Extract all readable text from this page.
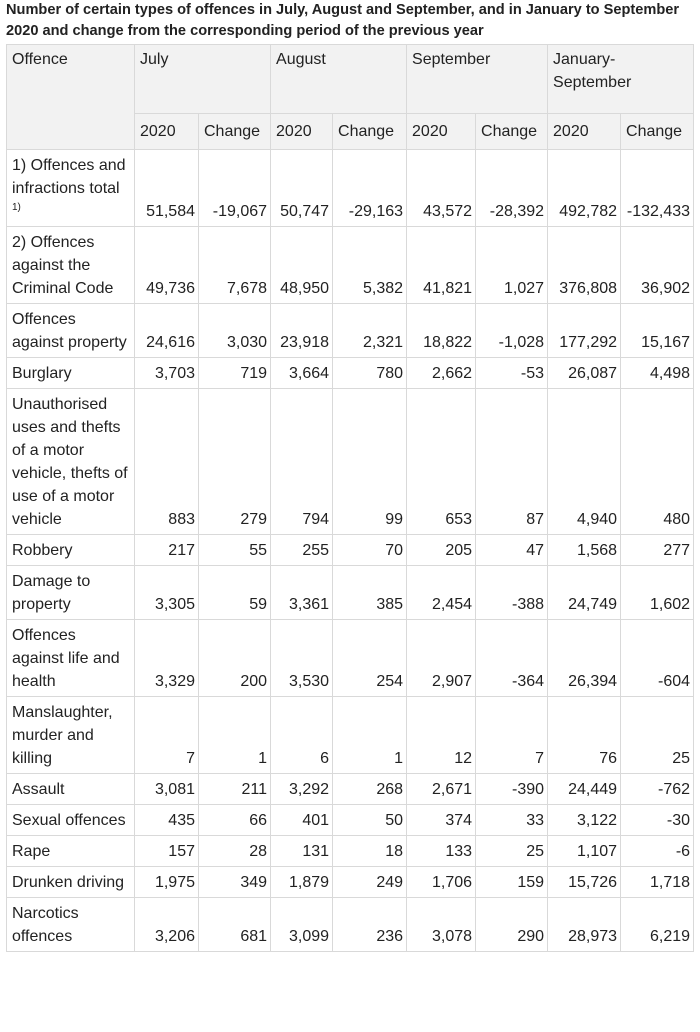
Number of certain types of offences in July, August and September, and in January to September 2020 and change from the corresponding period of the previous year

Offence	July		August		September		January-September	
	2020	Change	2020	Change	2020	Change	2020	Change
1) Offences and infractions total $^{1)}$	51,584	-19,067	50,747	-29,163	43,572	-28,392	492,782	-132,433
2) Offences against the Criminal Code	49,736	7,678	48,950	5,382	41,821	1,027	376,808	36,902
Offences against property	24,616	3,030	23,918	2,321	18,822	-1,028	177,292	15,167
Burglary	3,703	719	3,664	780	2,662	-53	26,087	4,498
Unauthorised uses and thefts of a motor vehicle, thefts of use of a motor vehicle	883	279	794	99	653	87	4,940	480
Robbery	217	55	255	70	205	47	1,568	277
Damage to property	3,305	59	3,361	385	2,454	-388	24,749	1,602
Offences against life and health	3,329	200	3,530	254	2,907	-364	26,394	-604
Manslaughter, murder and killing	7	1	6	1	12	7	76	25
Assault	3,081	211	3,292	268	2,671	-390	24,449	-762
Sexual offences	435	66	401	50	374	33	3,122	-30
Rape	157	28	131	18	133	25	1,107	-6
Drunken driving	1,975	349	1,879	249	1,706	159	15,726	1,718
Narcotics offences	3,206	681	3,099	236	3,078	290	28,973	6,219
